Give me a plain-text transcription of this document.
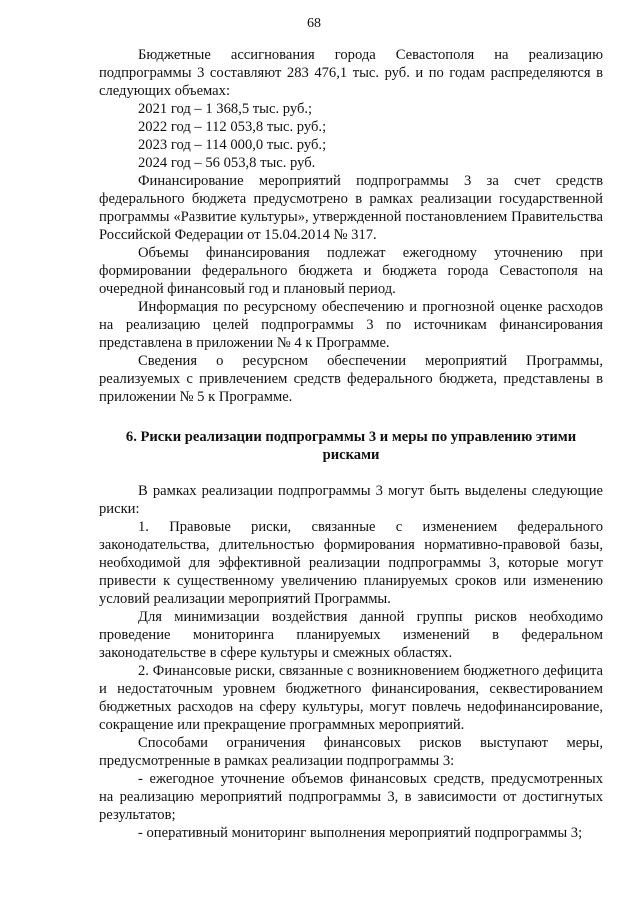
68

Бюджетные ассигнования города Севастополя на реализацию подпрограммы 3 составляют 283 476,1 тыс. руб. и по годам распределяются в следующих объемах:

2021 год – 1 368,5 тыс. руб.;

2022 год – 112 053,8 тыс. руб.;

2023 год – 114 000,0 тыс. руб.;

2024 год – 56 053,8 тыс. руб.

Финансирование мероприятий подпрограммы 3 за счет средств федерального бюджета предусмотрено в рамках реализации государственной программы «Развитие культуры», утвержденной постановлением Правительства Российской Федерации от 15.04.2014 № 317.

Объемы финансирования подлежат ежегодному уточнению при формировании федерального бюджета и бюджета города Севастополя на очередной финансовый год и плановый период.

Информация по ресурсному обеспечению и прогнозной оценке расходов на реализацию целей подпрограммы 3 по источникам финансирования представлена в приложении № 4 к Программе.

Сведения о ресурсном обеспечении мероприятий Программы, реализуемых с привлечением средств федерального бюджета, представлены в приложении № 5 к Программе.

6. Риски реализации подпрограммы 3 и меры по управлению этими рисками

В рамках реализации подпрограммы 3 могут быть выделены следующие риски:

1. Правовые риски, связанные с изменением федерального законодательства, длительностью формирования нормативно-правовой базы, необходимой для эффективной реализации подпрограммы 3, которые могут привести к существенному увеличению планируемых сроков или изменению условий реализации мероприятий Программы.

Для минимизации воздействия данной группы рисков необходимо проведение мониторинга планируемых изменений в федеральном законодательстве в сфере культуры и смежных областях.

2. Финансовые риски, связанные с возникновением бюджетного дефицита и недостаточным уровнем бюджетного финансирования, секвестированием бюджетных расходов на сферу культуры, могут повлечь недофинансирование, сокращение или прекращение программных мероприятий.

Способами ограничения финансовых рисков выступают меры, предусмотренные в рамках реализации подпрограммы 3:

- ежегодное уточнение объемов финансовых средств, предусмотренных на реализацию мероприятий подпрограммы 3, в зависимости от достигнутых результатов;

- оперативный мониторинг выполнения мероприятий подпрограммы 3;
